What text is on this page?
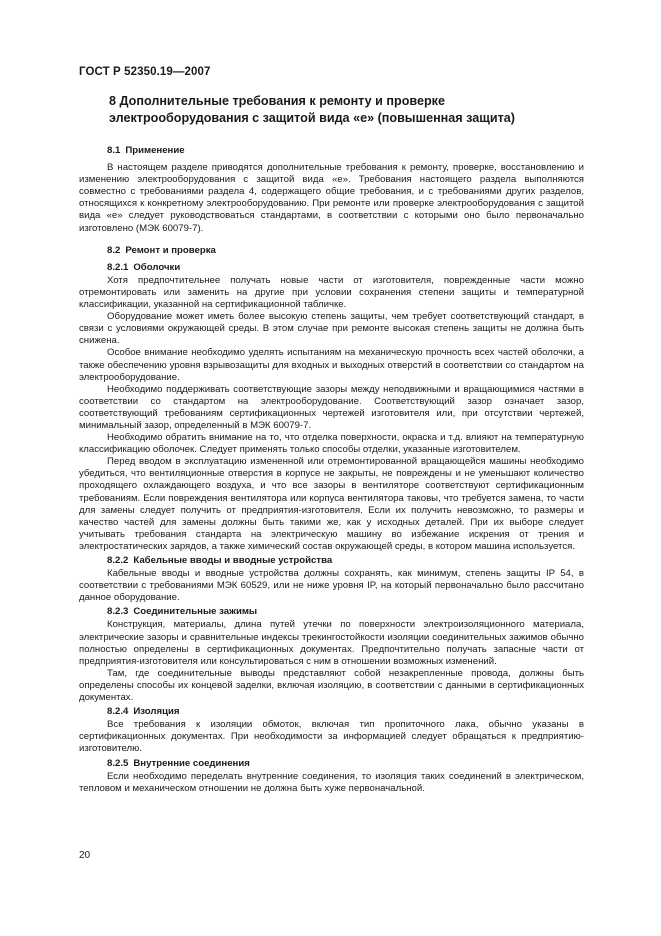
ГОСТ Р 52350.19—2007
8 Дополнительные требования к ремонту и проверке электрооборудования с защитой вида «е» (повышенная защита)
8.1 Применение

В настоящем разделе приводятся дополнительные требования к ремонту, проверке, восстановлению и изменению электрооборудования с защитой вида «е». Требования настоящего раздела выполняются совместно с требованиями раздела 4, содержащего общие требования, и с требованиями других разделов, относящихся к конкретному электрооборудованию. При ремонте или проверке электрооборудования с защитой вида «е» следует руководствоваться стандартами, в соответствии с которыми оно было первоначально изготовлено (МЭК 60079-7).

8.2 Ремонт и проверка
8.2.1 Оболочки

Хотя предпочтительнее получать новые части от изготовителя, поврежденные части можно отремонтировать или заменить на другие при условии сохранения степени защиты и температурной классификации, указанной на сертификационной табличке.

Оборудование может иметь более высокую степень защиты, чем требует соответствующий стандарт, в связи с условиями окружающей среды. В этом случае при ремонте высокая степень защиты не должна быть снижена.

Особое внимание необходимо уделять испытаниям на механическую прочность всех частей оболочки, а также обеспечению уровня взрывозащиты для входных и выходных отверстий в соответствии со стандартом на электрооборудование.

Необходимо поддерживать соответствующие зазоры между неподвижными и вращающимися частями в соответствии со стандартом на электрооборудование. Соответствующий зазор означает зазор, соответствующий требованиям сертификационных чертежей изготовителя или, при отсутствии чертежей, минимальный зазор, определенный в МЭК 60079-7.

Необходимо обратить внимание на то, что отделка поверхности, окраска и т.д. влияют на температурную классификацию оболочек. Следует применять только способы отделки, указанные изготовителем.

Перед вводом в эксплуатацию измененной или отремонтированной вращающейся машины необходимо убедиться, что вентиляционные отверстия в корпусе не закрыты, не повреждены и не уменьшают количество проходящего охлаждающего воздуха, и что все зазоры в вентиляторе соответствуют сертификационным требованиям. Если повреждения вентилятора или корпуса вентилятора таковы, что требуется замена, то части для замены следует получить от предприятия-изготовителя. Если их получить невозможно, то размеры и качество частей для замены должны быть такими же, как у исходных деталей. При их выборе следует учитывать требования стандарта на электрическую машину во избежание искрения от трения и электростатических зарядов, а также химический состав окружающей среды, в котором машина используется.

8.2.2 Кабельные вводы и вводные устройства

Кабельные вводы и вводные устройства должны сохранять, как минимум, степень защиты IP 54, в соответствии с требованиями МЭК 60529, или не ниже уровня IP, на который первоначально было рассчитано данное оборудование.

8.2.3 Соединительные зажимы

Конструкция, материалы, длина путей утечки по поверхности электроизоляционного материала, электрические зазоры и сравнительные индексы трекингостойкости изоляции соединительных зажимов обычно полностью определены в сертификационных документах. Предпочтительно получать запасные части от предприятия-изготовителя или консультироваться с ним в отношении возможных изменений.

Там, где соединительные выводы представляют собой незакрепленные провода, должны быть определены способы их концевой заделки, включая изоляцию, в соответствии с данными в сертификационных документах.

8.2.4 Изоляция

Все требования к изоляции обмоток, включая тип пропиточного лака, обычно указаны в сертификационных документах. При необходимости за информацией следует обращаться к предприятию-изготовителю.

8.2.5 Внутренние соединения

Если необходимо переделать внутренние соединения, то изоляция таких соединений в электрическом, тепловом и механическом отношении не должна быть хуже первоначальной.

20
